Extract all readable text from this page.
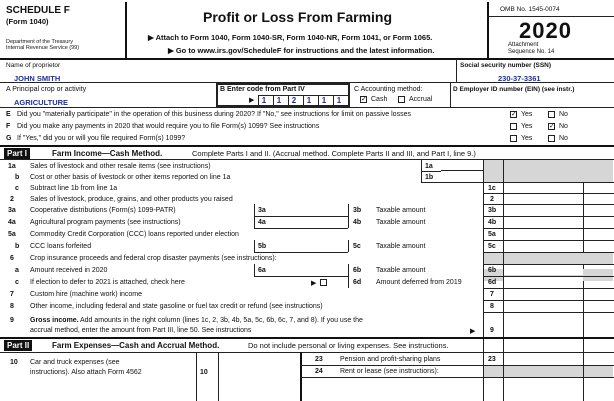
SCHEDULE F
(Form 1040)
Department of the Treasury
Internal Revenue Service (99)
Profit or Loss From Farming
▶ Attach to Form 1040, Form 1040-SR, Form 1040-NR, Form 1041, or Form 1065.
▶ Go to www.irs.gov/ScheduleF for instructions and the latest information.
OMB No. 1545-0074
2020
Attachment
Sequence No. 14
Name of proprietor
JOHN SMITH
Social security number (SSN)
230-37-3361
A Principal crop or activity
AGRICULTURE
B Enter code from Part IV
▶ 1	1	2	1	1	1
C Accounting method:
✓ Cash	Accrual
D Employer ID number (EIN) (see instr.)
E Did you "materially participate" in the operation of this business during 2020? If "No," see instructions for limit on passive losses	✓ Yes	No
F Did you make any payments in 2020 that would require you to file Form(s) 1099? See instructions	Yes ✓ No
G If "Yes," did you or will you file required Form(s) 1099?	Yes	No
Part I	Farm Income—Cash Method.	Complete Parts I and II. (Accrual method. Complete Parts II and III, and Part I, line 9.)
1a Sales of livestock and other resale items (see instructions)	1a
b Cost or other basis of livestock or other items reported on line 1a	1b
c Subtract line 1b from line 1a	1c
2 Sales of livestock, produce, grains, and other products you raised	2
3a Cooperative distributions (Form(s) 1099-PATR)	3a	3b Taxable amount	3b
4a Agricultural program payments (see instructions)	4a	4b Taxable amount	4b
5a Commodity Credit Corporation (CCC) loans reported under election	5a
b CCC loans forfeited	5b	5c Taxable amount	5c
6 Crop insurance proceeds and federal crop disaster payments (see instructions):
a Amount received in 2020	6a	6b Taxable amount	6b
c If election to defer to 2021 is attached, check here	▶	6d Amount deferred from 2019	6d
7 Custom hire (machine work) income	7
8 Other income, including federal and state gasoline or fuel tax credit or refund (see instructions)	8
9 Gross income. Add amounts in the right column (lines 1c, 2, 3b, 4b, 5a, 5c, 6b, 6c, 7, and 8). If you use the
accrual method, enter the amount from Part III, line 50. See instructions	▶ 9
Part II	Farm Expenses—Cash and Accrual Method.	Do not include personal or living expenses. See instructions.
10 Car and truck expenses (see
instructions). Also attach Form 4562	10
23 Pension and profit-sharing plans	23
24 Rent or lease (see instructions):
